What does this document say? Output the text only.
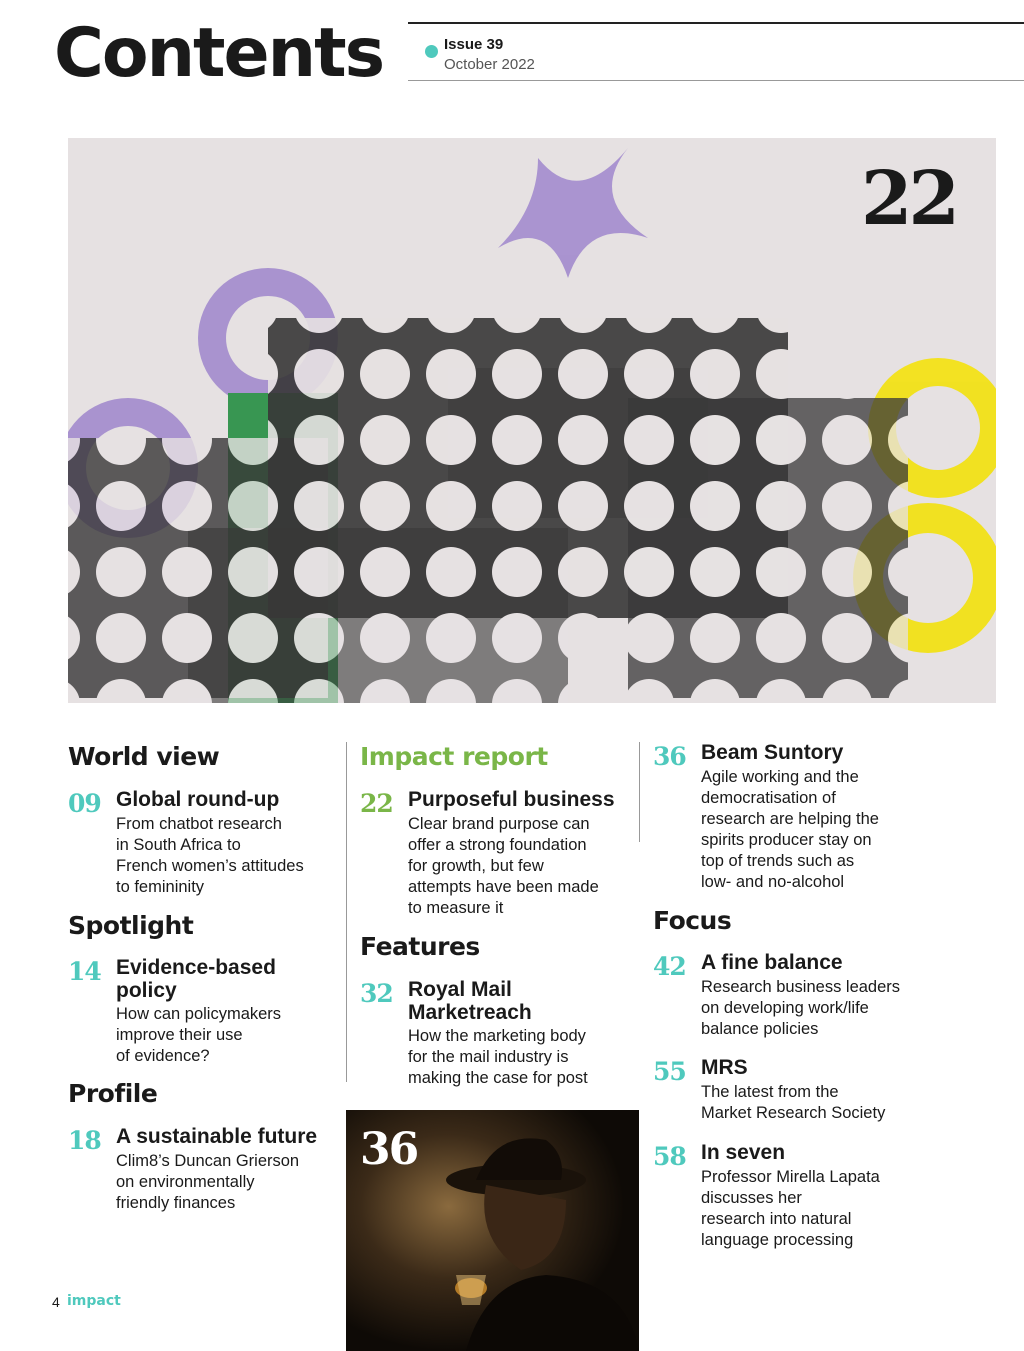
Contents	Issue 39
October 2022
22
World view
09 Global round-up
From chatbot research
in South Africa to
French women’s attitudes
to femininity
Spotlight
14 Evidence-based
policy
How can policymakers
improve their use
of evidence?
Profile
18 A sustainable future
Clim8’s Duncan Grierson
on environmentally
friendly finances
Impact report
22 Purposeful business
Clear brand purpose can
offer a strong foundation
for growth, but few
attempts have been made
to measure it
Features
32 Royal Mail
Marketreach
How the marketing body
for the mail industry is
making the case for post
36
36 Beam Suntory
Agile working and the
democratisation of
research are helping the
spirits producer stay on
top of trends such as
low- and no-alcohol
Focus
42 A fine balance
Research business leaders
on developing work/life
balance policies
55 MRS
The latest from the
Market Research Society
58 In seven
Professor Mirella Lapata
discusses her
research into natural
language processing
4 impact
